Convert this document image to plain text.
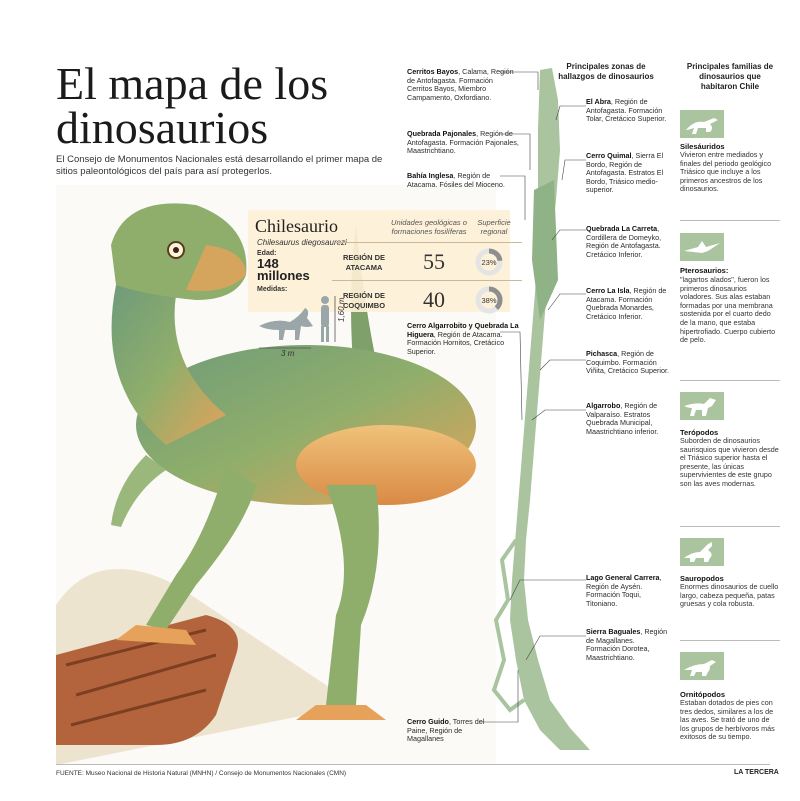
El mapa de los dinosaurios
El Consejo de Monumentos Nacionales está desarrollando el primer mapa de sitios paleontológicos del país para así protegerlos.
Chilesaurio
Chilesaurus diegosaurezi
Edad:
148 millones
Medidas:
1,60 m
3 m
Unidades geológicas o formaciones fosilíferas
Superficie regional
REGIÓN DE ATACAMA	55	23%
REGIÓN DE COQUIMBO	40	38%
Principales zonas de hallazgos de dinosaurios
Cerritos Bayos, Calama, Región de Antofagasta. Formación Cerritos Bayos, Miembro Campamento, Oxfordiano.
Quebrada Pajonales, Región de Antofagasta. Formación Pajonales, Maastrichtiano.
Bahía Inglesa, Región de Atacama. Fósiles del Mioceno.
Cerro Algarrobito y Quebrada La Higuera, Región de Atacama. Formación Hornitos, Cretácico Superior.
Cerro Guido, Torres del Paine, Región de Magallanes
El Abra, Región de Antofagasta. Formación Tolar, Cretácico Superior.
Cerro Quimal, Sierra El Bordo, Región de Antofagasta. Estratos El Bordo, Triásico medio-superior.
Quebrada La Carreta, Cordillera de Domeyko, Región de Antofagasta. Cretácico Inferior.
Cerro La Isla, Región de Atacama. Formación Quebrada Monardes, Cretácico Inferior.
Pichasca, Región de Coquimbo. Formación Viñita, Cretácico Superior.
Algarrobo, Región de Valparaíso. Estratos Quebrada Municipal, Maastrichtiano inferior.
Lago General Carrera, Región de Aysén. Formación Toqui, Titoniano.
Sierra Baguales, Región de Magallanes. Formación Dorotea, Maastrichtiano.
Principales familias de dinosaurios que habitaron Chile
Silesáuridos
Vivieron entre mediados y finales del periodo geológico Triásico que incluye a los primeros ancestros de los dinosaurios.
Pterosaurios:
"lagartos alados", fueron los primeros dinosaurios voladores. Sus alas estaban formadas por una membrana sostenida por el cuarto dedo de la mano, que estaba hipertrofiado. Cuerpo cubierto de pelo.
Terópodos
Suborden de dinosaurios saurisquios que vivieron desde el Triásico superior hasta el presente, las únicas supervivientes de este grupo son las aves modernas.
Sauropodos
Enormes dinosaurios de cuello largo, cabeza pequeña, patas gruesas y cola robusta.
Ornitópodos
Estaban dotados de pies con tres dedos, similares a los de las aves. Se trató de uno de los grupos de herbívoros más exitosos de su tiempo.
FUENTE: Museo Nacional de Historia Natural (MNHN) / Consejo de Monumentos Nacionales (CMN)	LA TERCERA
